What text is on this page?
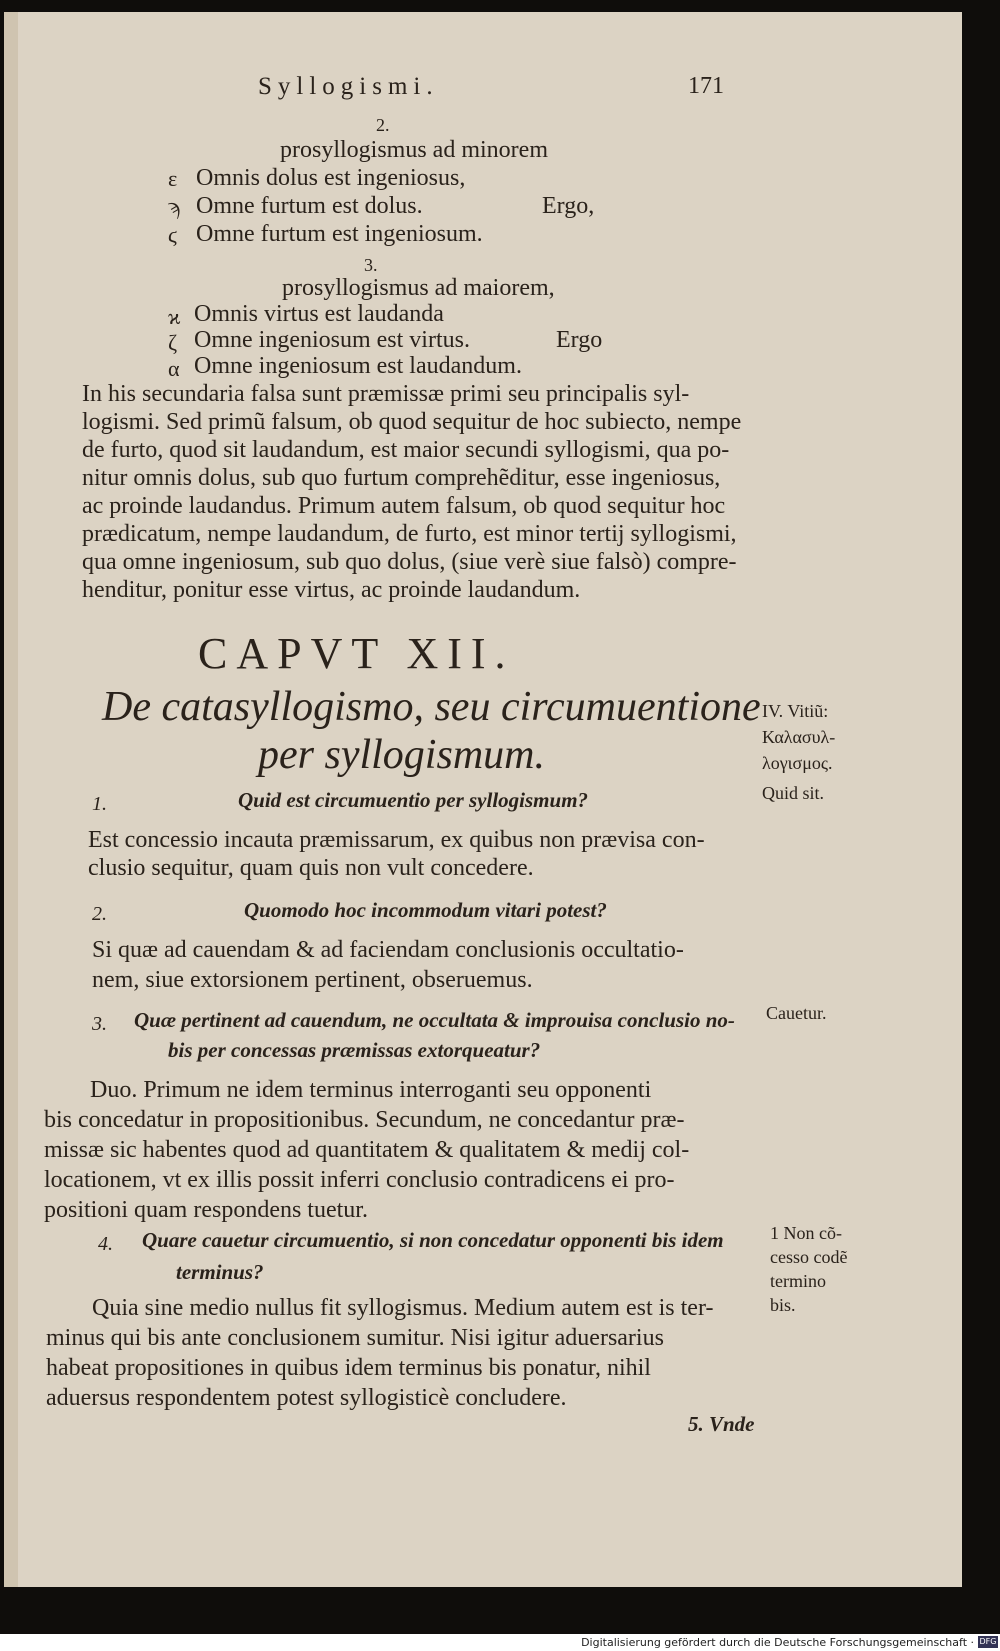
Syllogismi.	171
2.
prosyllogismus ad minorem
ε Omnis dolus est ingeniosus,
ϡ Omne furtum est dolus.	Ergo,
ϛ Omne furtum est ingeniosum.
3.
prosyllogismus ad maiorem,
ϰ Omnis virtus est laudanda
ζ Omne ingeniosum est virtus.	Ergo
α Omne ingeniosum est laudandum.
In his secundaria falsa sunt præmissæ primi seu principalis syl-
logismi. Sed primũ falsum, ob quod sequitur de hoc subiecto, nempe
de furto, quod sit laudandum, est maior secundi syllogismi, qua po-
nitur omnis dolus, sub quo furtum comprehẽditur, esse ingeniosus,
ac proinde laudandus. Primum autem falsum, ob quod sequitur hoc
prædicatum, nempe laudandum, de furto, est minor tertij syllogismi,
qua omne ingeniosum, sub quo dolus, (siue verè siue falsò) compre-
henditur, ponitur esse virtus, ac proinde laudandum.
CAPVT XII.
De catasyllogismo, seu circumuentione
per syllogismum.
1.	Quid est circumuentio per syllogismum?
Est concessio incauta præmissarum, ex quibus non prævisa con-
clusio sequitur, quam quis non vult concedere.
2.	Quomodo hoc incommodum vitari potest?
Si quæ ad cauendam & ad faciendam conclusionis occultatio-
nem, siue extorsionem pertinent, obseruemus.
3. Quæ pertinent ad cauendum, ne occultata & improuisa conclusio no-
bis per concessas præmissas extorqueatur?
Duo. Primum ne idem terminus interroganti seu opponenti
bis concedatur in propositionibus. Secundum, ne concedantur præ-
missæ sic habentes quod ad quantitatem & qualitatem & medij col-
locationem, vt ex illis possit inferri conclusio contradicens ei pro-
positioni quam respondens tuetur.
4. Quare cauetur circumuentio, si non concedatur opponenti bis idem
terminus?
Quia sine medio nullus fit syllogismus. Medium autem est is ter-
minus qui bis ante conclusionem sumitur. Nisi igitur aduersarius
habeat propositiones in quibus idem terminus bis ponatur, nihil
aduersus respondentem potest syllogisticè concludere.
5. Vnde
IV. Vitiũ:
Καλασυλ-
λογισμος.
Quid sit.
Cauetur.
1 Non cõ-
cesso codẽ
termino
bis.
Digitalisierung gefördert durch die Deutsche Forschungsgemeinschaft · DFG
